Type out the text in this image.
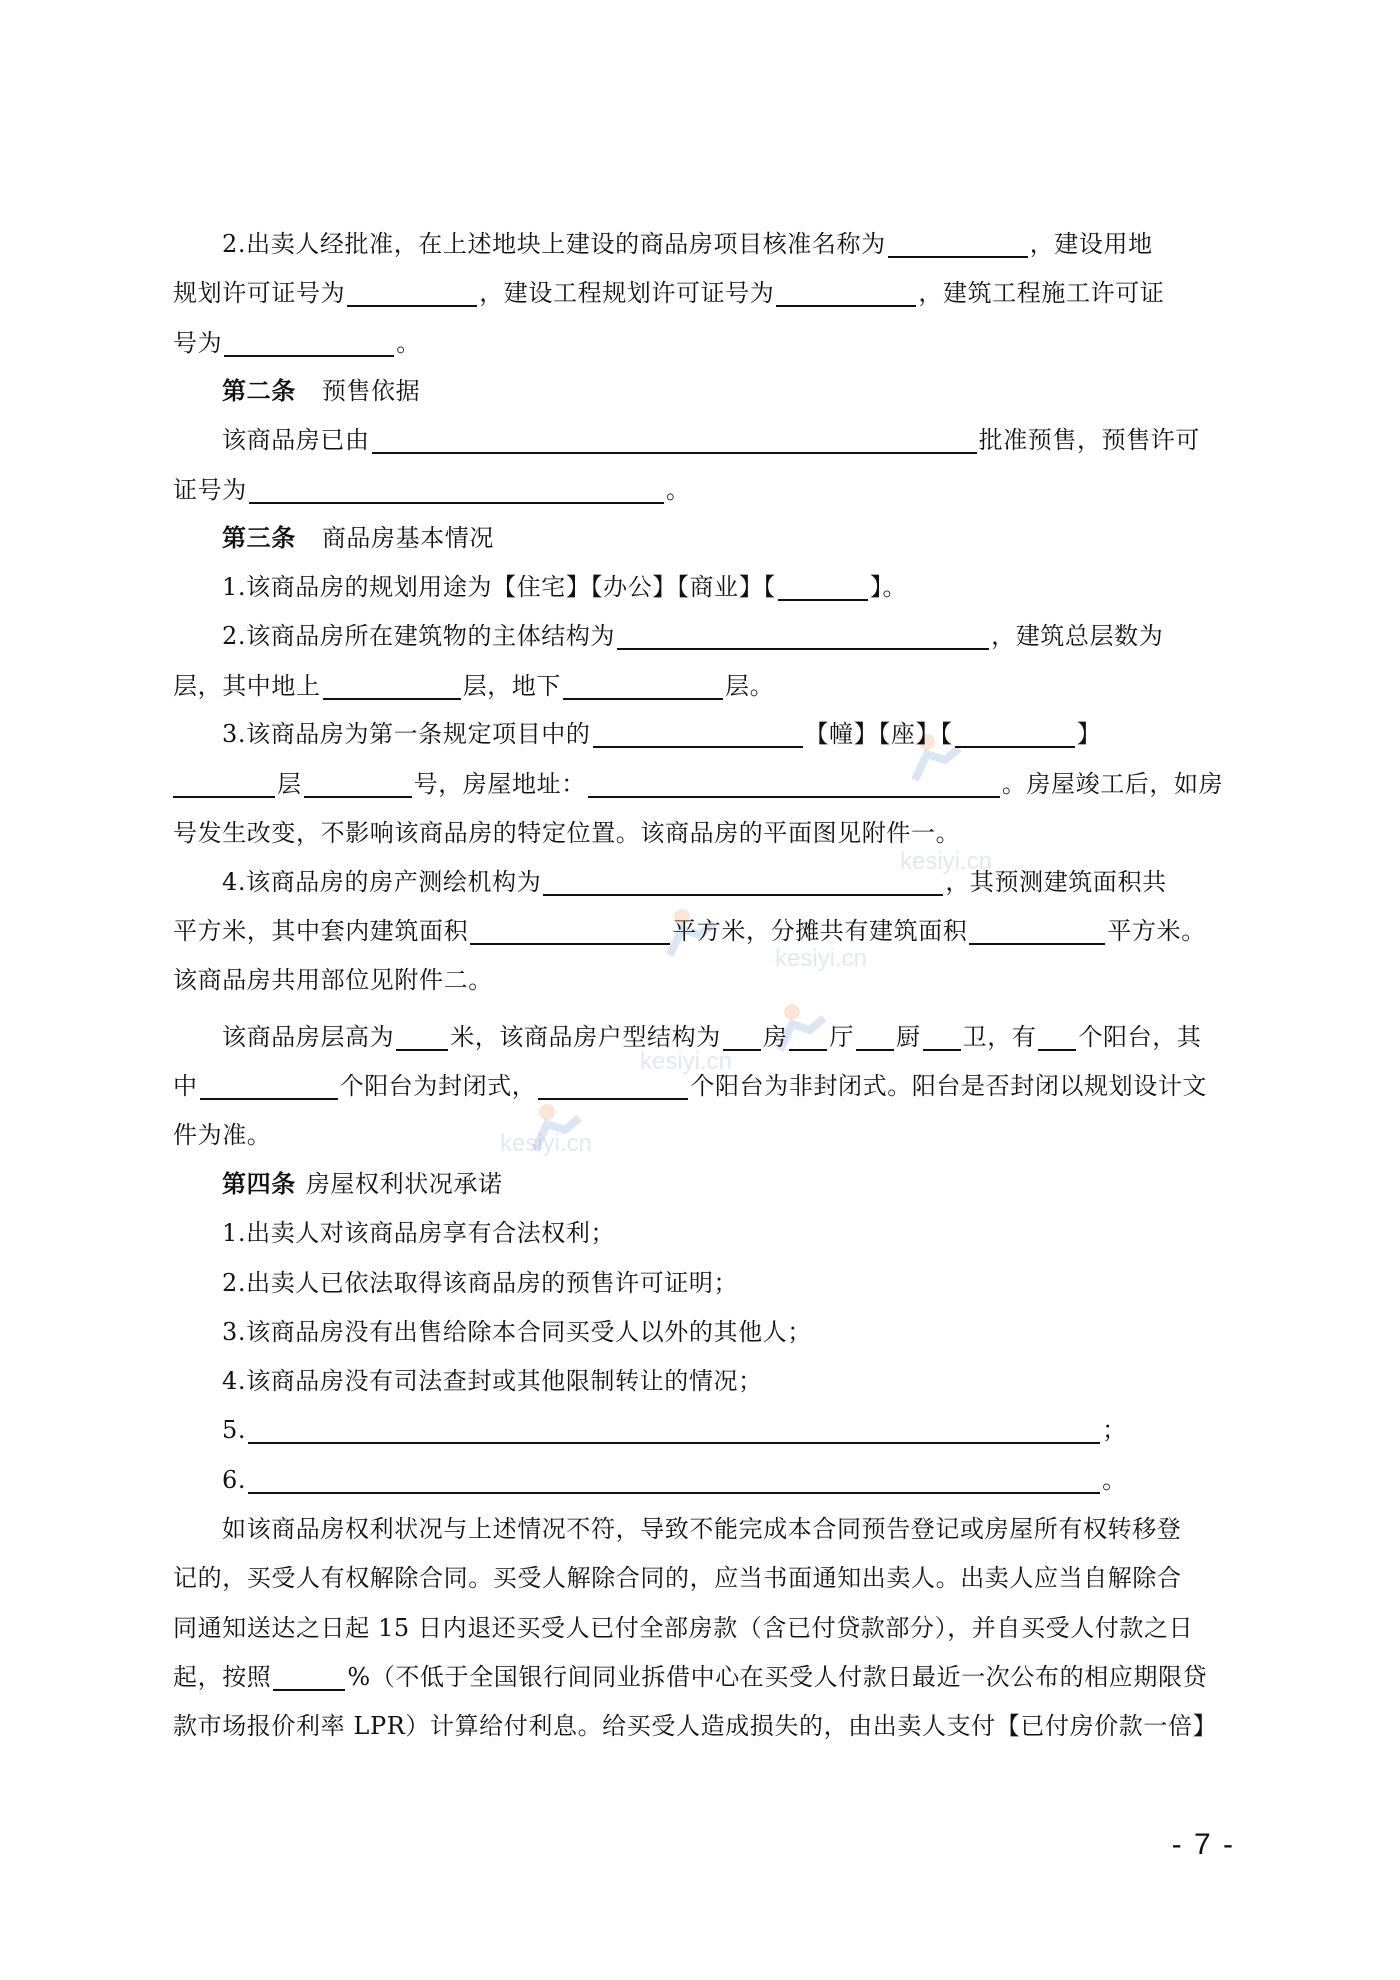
kesiyi.cn
kesiyi.cn
kesiyi.cn
kesiyi.cn
2.出卖人经批准，在上述地块上建设的商品房项目核准名称为	，建设用地
规划许可证号为	，建设工程规划许可证号为	，建筑工程施工许可证
号为	。
第二条 预售依据
该商品房已由	批准预售，预售许可
证号为	。
第三条 商品房基本情况
1.该商品房的规划用途为【住宅】【办公】【商业】【	】。
2.该商品房所在建筑物的主体结构为	，建筑总层数为
层，其中地上	层，地下	层。
3.该商品房为第一条规定项目中的	【幢】【座】【	】
层	号，房屋地址：	。房屋竣工后，如房
号发生改变，不影响该商品房的特定位置。该商品房的平面图见附件一。
4.该商品房的房产测绘机构为	，其预测建筑面积共
平方米，其中套内建筑面积	平方米，分摊共有建筑面积	平方米。
该商品房共用部位见附件二。
该商品房层高为 米，该商品房户型结构为 房 厅 厨 卫，有 个阳台，其
中	个阳台为封闭式，	个阳台为非封闭式。阳台是否封闭以规划设计文
件为准。
第四条 房屋权利状况承诺
1.出卖人对该商品房享有合法权利；
2.出卖人已依法取得该商品房的预售许可证明；
3.该商品房没有出售给除本合同买受人以外的其他人；
4.该商品房没有司法查封或其他限制转让的情况；
5.	；
6.	。
如该商品房权利状况与上述情况不符，导致不能完成本合同预告登记或房屋所有权转移登
记的，买受人有权解除合同。买受人解除合同的，应当书面通知出卖人。出卖人应当自解除合
同通知送达之日起 15 日内退还买受人已付全部房款（含已付贷款部分），并自买受人付款之日
起，按照	%（不低于全国银行间同业拆借中心在买受人付款日最近一次公布的相应期限贷
款市场报价利率 LPR）计算给付利息。给买受人造成损失的，由出卖人支付【已付房价款一倍】
- 7 -
